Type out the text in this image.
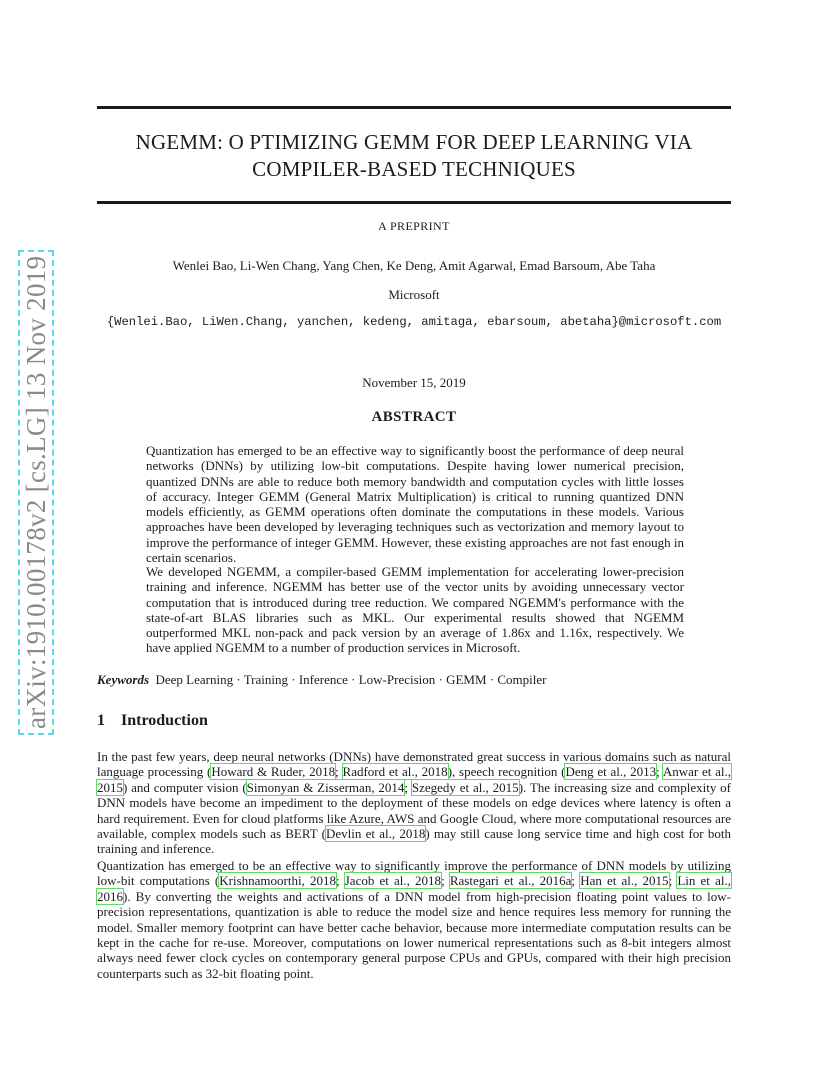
arXiv:1910.00178v2 [cs.LG] 13 Nov 2019
NGEMM: O PTIMIZING GEMM FOR DEEP LEARNING VIA
COMPILER-BASED TECHNIQUES
A PREPRINT
Wenlei Bao, Li-Wen Chang, Yang Chen, Ke Deng, Amit Agarwal, Emad Barsoum, Abe Taha
Microsoft
{Wenlei.Bao, LiWen.Chang, yanchen, kedeng, amitaga, ebarsoum, abetaha}@microsoft.com
November 15, 2019
ABSTRACT
Quantization has emerged to be an effective way to significantly boost the performance of deep neural networks (DNNs) by utilizing low-bit computations. Despite having lower numerical precision, quantized DNNs are able to reduce both memory bandwidth and computation cycles with little losses of accuracy. Integer GEMM (General Matrix Multiplication) is critical to running quantized DNN models efficiently, as GEMM operations often dominate the computations in these models. Various approaches have been developed by leveraging techniques such as vectorization and memory layout to improve the performance of integer GEMM. However, these existing approaches are not fast enough in certain scenarios.
We developed NGEMM, a compiler-based GEMM implementation for accelerating lower-precision training and inference. NGEMM has better use of the vector units by avoiding unnecessary vector computation that is introduced during tree reduction. We compared NGEMM's performance with the state-of-art BLAS libraries such as MKL. Our experimental results showed that NGEMM outperformed MKL non-pack and pack version by an average of 1.86x and 1.16x, respectively. We have applied NGEMM to a number of production services in Microsoft.
Keywords Deep Learning · Training · Inference · Low-Precision · GEMM · Compiler
1 Introduction
In the past few years, deep neural networks (DNNs) have demonstrated great success in various domains such as natural language processing (Howard & Ruder, 2018; Radford et al., 2018), speech recognition (Deng et al., 2013; Anwar et al., 2015) and computer vision (Simonyan & Zisserman, 2014; Szegedy et al., 2015). The increasing size and complexity of DNN models have become an impediment to the deployment of these models on edge devices where latency is often a hard requirement. Even for cloud platforms like Azure, AWS and Google Cloud, where more computational resources are available, complex models such as BERT (Devlin et al., 2018) may still cause long service time and high cost for both training and inference.
Quantization has emerged to be an effective way to significantly improve the performance of DNN models by utilizing low-bit computations (Krishnamoorthi, 2018; Jacob et al., 2018; Rastegari et al., 2016a; Han et al., 2015; Lin et al., 2016). By converting the weights and activations of a DNN model from high-precision floating point values to low-precision representations, quantization is able to reduce the model size and hence requires less memory for running the model. Smaller memory footprint can have better cache behavior, because more intermediate computation results can be kept in the cache for re-use. Moreover, computations on lower numerical representations such as 8-bit integers almost always need fewer clock cycles on contemporary general purpose CPUs and GPUs, compared with their high precision counterparts such as 32-bit floating point.
